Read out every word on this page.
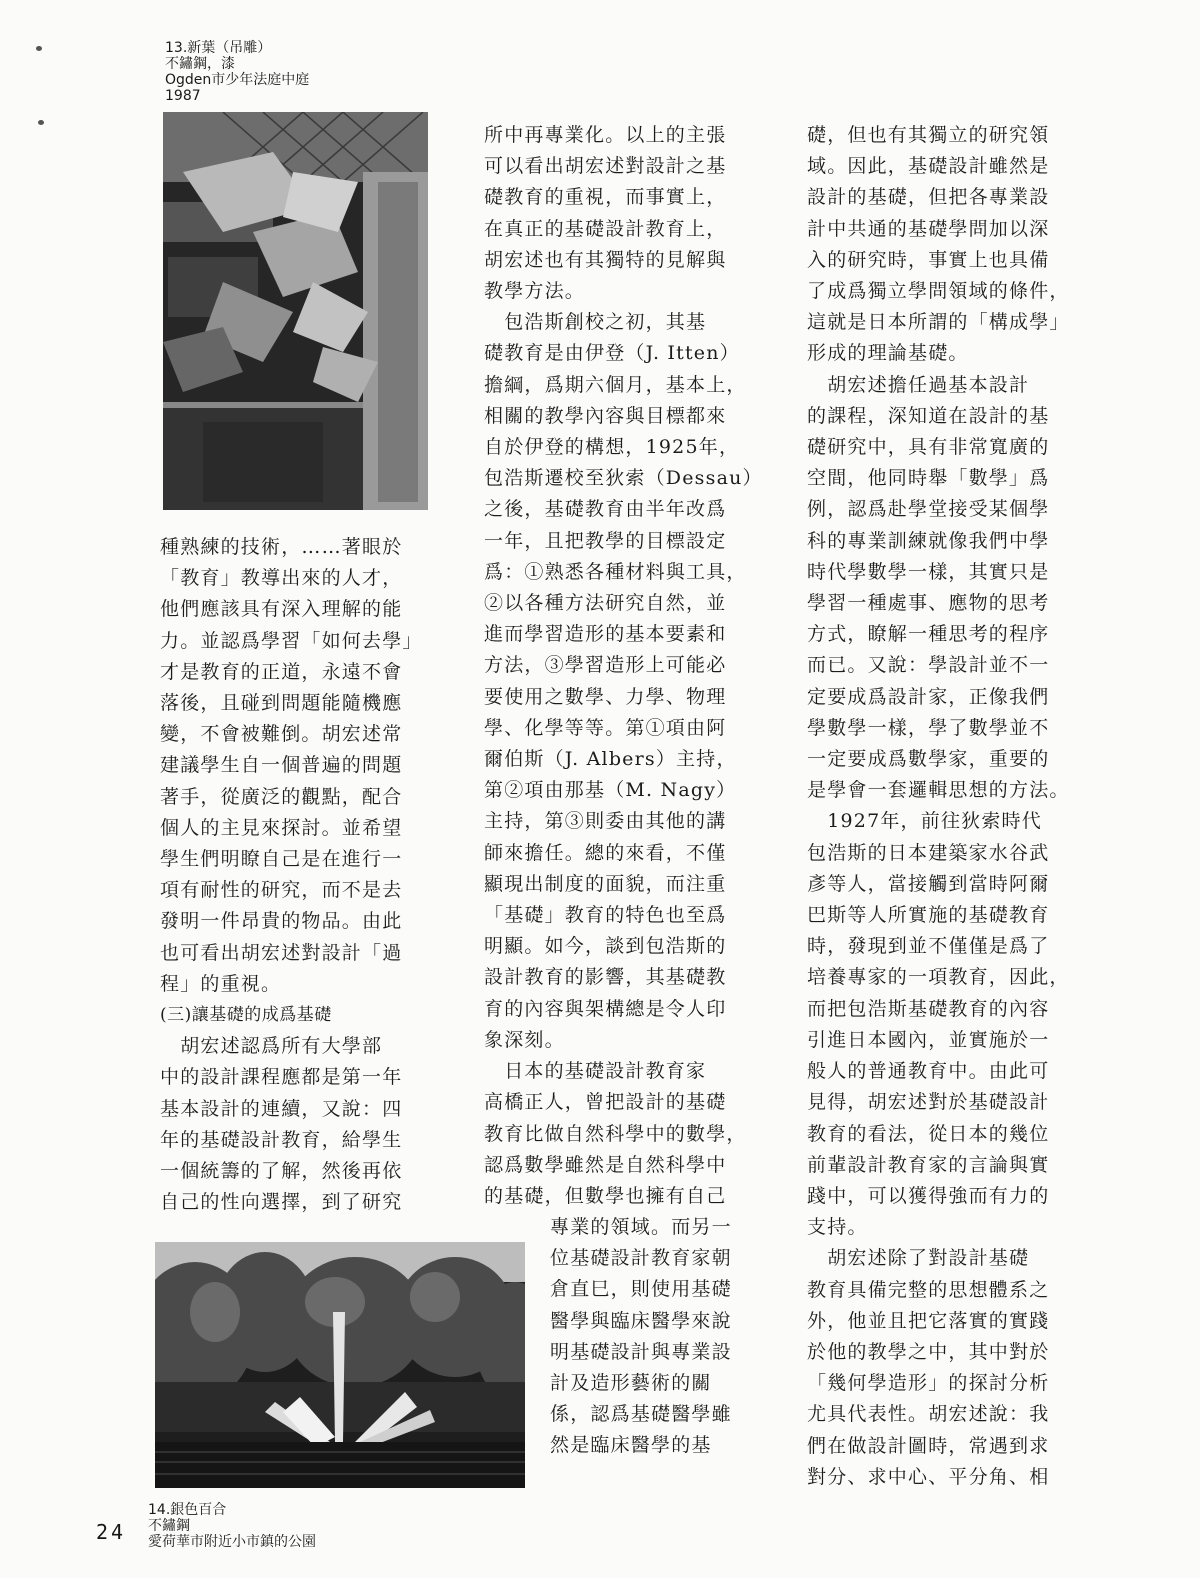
13.新葉（吊雕）
不鏽鋼，漆
Ogden市少年法庭中庭
1987

種熟練的技術，……著眼於

「教育」教導出來的人才，

他們應該具有深入理解的能

力。並認爲學習「如何去學」

才是教育的正道，永遠不會

落後，且碰到問題能隨機應

變，不會被難倒。胡宏述常

建議學生自一個普遍的問題

著手，從廣泛的觀點，配合

個人的主見來探討。並希望

學生們明瞭自己是在進行一

項有耐性的研究，而不是去

發明一件昂貴的物品。由此

也可看出胡宏述對設計「過

程」的重視。

(三)讓基礎的成爲基礎

　胡宏述認爲所有大學部

中的設計課程應都是第一年

基本設計的連續，又說：四

年的基礎設計教育，給學生

一個統籌的了解，然後再依

自己的性向選擇，到了研究

14.銀色百合
不鏽鋼
愛荷華市附近小市鎮的公園
24

所中再專業化。以上的主張

可以看出胡宏述對設計之基

礎教育的重視，而事實上，

在真正的基礎設計教育上，

胡宏述也有其獨特的見解與

教學方法。

　包浩斯創校之初，其基

礎教育是由伊登（J. Itten）

擔綱，爲期六個月，基本上，

相關的教學內容與目標都來

自於伊登的構想，1925年，

包浩斯遷校至狄索（Dessau）

之後，基礎教育由半年改爲

一年，且把教學的目標設定

爲：①熟悉各種材料與工具，

②以各種方法研究自然，並

進而學習造形的基本要素和

方法，③學習造形上可能必

要使用之數學、力學、物理

學、化學等等。第①項由阿

爾伯斯（J. Albers）主持，

第②項由那基（M. Nagy）

主持，第③則委由其他的講

師來擔任。總的來看，不僅

顯現出制度的面貌，而注重

「基礎」教育的特色也至爲

明顯。如今，談到包浩斯的

設計教育的影響，其基礎教

育的內容與架構總是令人印

象深刻。

　日本的基礎設計教育家

高橋正人，曾把設計的基礎

教育比做自然科學中的數學，

認爲數學雖然是自然科學中

的基礎，但數學也擁有自己

專業的領域。而另一

位基礎設計教育家朝

倉直巳，則使用基礎

醫學與臨床醫學來說

明基礎設計與專業設

計及造形藝術的關

係，認爲基礎醫學雖

然是臨床醫學的基

礎，但也有其獨立的研究領

域。因此，基礎設計雖然是

設計的基礎，但把各專業設

計中共通的基礎學問加以深

入的研究時，事實上也具備

了成爲獨立學問領域的條件，

這就是日本所謂的「構成學」

形成的理論基礎。

　胡宏述擔任過基本設計

的課程，深知道在設計的基

礎研究中，具有非常寬廣的

空間，他同時舉「數學」爲

例，認爲赴學堂接受某個學

科的專業訓練就像我們中學

時代學數學一樣，其實只是

學習一種處事、應物的思考

方式，瞭解一種思考的程序

而已。又說：學設計並不一

定要成爲設計家，正像我們

學數學一樣，學了數學並不

一定要成爲數學家，重要的

是學會一套邏輯思想的方法。

　1927年，前往狄索時代

包浩斯的日本建築家水谷武

彥等人，當接觸到當時阿爾

巴斯等人所實施的基礎教育

時，發現到並不僅僅是爲了

培養專家的一項教育，因此，

而把包浩斯基礎教育的內容

引進日本國內，並實施於一

般人的普通教育中。由此可

見得，胡宏述對於基礎設計

教育的看法，從日本的幾位

前輩設計教育家的言論與實

踐中，可以獲得強而有力的

支持。

　胡宏述除了對設計基礎

教育具備完整的思想體系之

外，他並且把它落實的實踐

於他的教學之中，其中對於

「幾何學造形」的探討分析

尤具代表性。胡宏述說：我

們在做設計圖時，常遇到求

對分、求中心、平分角、相
